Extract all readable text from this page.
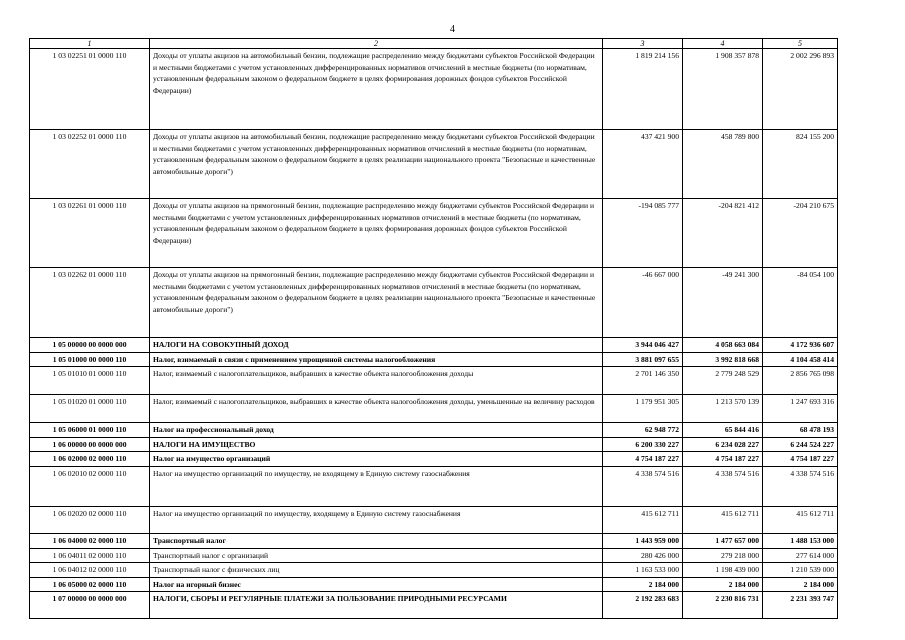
4
1	2	3	4	5
1 03 02251 01 0000 110	Доходы от уплаты акцизов на автомобильный бензин, подлежащие распределению между бюджетами субъектов Российской Федерации и местными бюджетами с учетом установленных дифференцированных нормативов отчислений в местные бюджеты (по нормативам, установленным федеральным законом о федеральном бюджете в целях формирования дорожных фондов субъектов Российской Федерации)	1 819 214 156	1 908 357 878	2 002 296 893
1 03 02252 01 0000 110	Доходы от уплаты акцизов на автомобильный бензин, подлежащие распределению между бюджетами субъектов Российской Федерации и местными бюджетами с учетом установленных дифференцированных нормативов отчислений в местные бюджеты (по нормативам, установленным федеральным законом о федеральном бюджете в целях реализации национального проекта "Безопасные и качественные автомобильные дороги")	437 421 900	458 789 800	824 155 200
1 03 02261 01 0000 110	Доходы от уплаты акцизов на прямогонный бензин, подлежащие распределению между бюджетами субъектов Российской Федерации и местными бюджетами с учетом установленных дифференцированных нормативов отчислений в местные бюджеты (по нормативам, установленным федеральным законом о федеральном бюджете в целях формирования дорожных фондов субъектов Российской Федерации)	-194 085 777	-204 821 412	-204 210 675
1 03 02262 01 0000 110	Доходы от уплаты акцизов на прямогонный бензин, подлежащие распределению между бюджетами субъектов Российской Федерации и местными бюджетами с учетом установленных дифференцированных нормативов отчислений в местные бюджеты (по нормативам, установленным федеральным законом о федеральном бюджете в целях реализации национального проекта "Безопасные и качественные автомобильные дороги")	-46 667 000	-49 241 300	-84 054 100
1 05 00000 00 0000 000	НАЛОГИ НА СОВОКУПНЫЙ ДОХОД	3 944 046 427	4 058 663 084	4 172 936 607
1 05 01000 00 0000 110	Налог, взимаемый в связи с применением упрощенной системы налогообложения	3 881 097 655	3 992 818 668	4 104 458 414
1 05 01010 01 0000 110	Налог, взимаемый с налогоплательщиков, выбравших в качестве объекта налогообложения доходы	2 701 146 350	2 779 248 529	2 856 765 098
1 05 01020 01 0000 110	Налог, взимаемый с налогоплательщиков, выбравших в качестве объекта налогообложения доходы, уменьшенные на величину расходов	1 179 951 305	1 213 570 139	1 247 693 316
1 05 06000 01 0000 110	Налог на профессиональный доход	62 948 772	65 844 416	68 478 193
1 06 00000 00 0000 000	НАЛОГИ НА ИМУЩЕСТВО	6 200 330 227	6 234 028 227	6 244 524 227
1 06 02000 02 0000 110	Налог на имущество организаций	4 754 187 227	4 754 187 227	4 754 187 227
1 06 02010 02 0000 110	Налог на имущество организаций по имуществу, не входящему в Единую систему газоснабжения	4 338 574 516	4 338 574 516	4 338 574 516
1 06 02020 02 0000 110	Налог на имущество организаций по имуществу, входящему в Единую систему газоснабжения	415 612 711	415 612 711	415 612 711
1 06 04000 02 0000 110	Транспортный налог	1 443 959 000	1 477 657 000	1 488 153 000
1 06 04011 02 0000 110	Транспортный налог с организаций	280 426 000	279 218 000	277 614 000
1 06 04012 02 0000 110	Транспортный налог с физических лиц	1 163 533 000	1 198 439 000	1 210 539 000
1 06 05000 02 0000 110	Налог на игорный бизнес	2 184 000	2 184 000	2 184 000
1 07 00000 00 0000 000	НАЛОГИ, СБОРЫ И РЕГУЛЯРНЫЕ ПЛАТЕЖИ ЗА ПОЛЬЗОВАНИЕ ПРИРОДНЫМИ РЕСУРСАМИ	2 192 283 683	2 230 816 731	2 231 393 747
